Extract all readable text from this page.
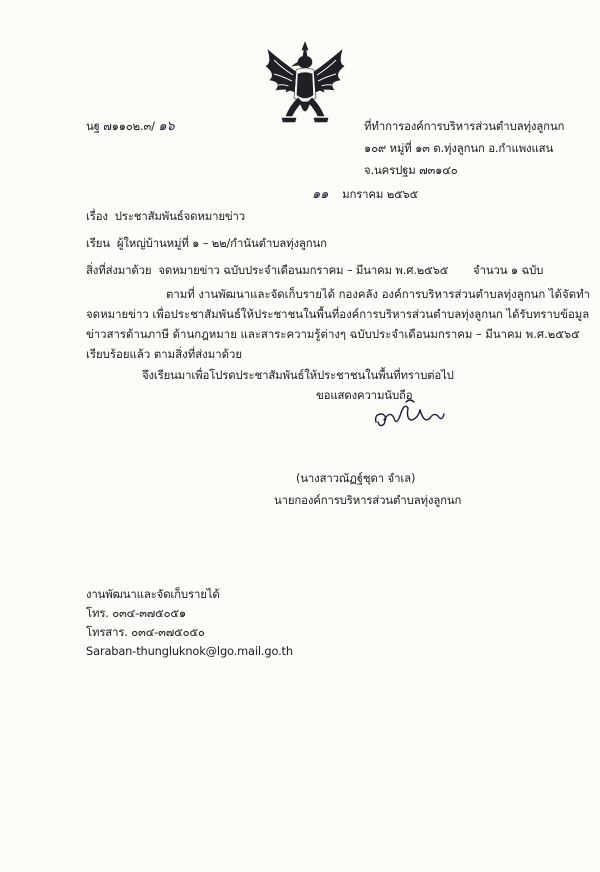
นฐ ๗๑๑๐๒.๓/ ๑๖	ที่ทำการองค์การบริหารส่วนตำบลทุ่งลูกนก
๑๐๙ หมู่ที่ ๑๓ ต.ทุ่งลูกนก อ.กำแพงแสน
จ.นครปฐม ๗๓๑๔๐
๑๑ มกราคม ๒๕๖๕
เรื่อง ประชาสัมพันธ์จดหมายข่าว
เรียน ผู้ใหญ่บ้านหมู่ที่ ๑ – ๒๒/กำนันตำบลทุ่งลูกนก
สิ่งที่ส่งมาด้วย จดหมายข่าว ฉบับประจำเดือนมกราคม – มีนาคม พ.ศ.๒๕๖๕ จำนวน ๑ ฉบับ
ตามที่ งานพัฒนาและจัดเก็บรายได้ กองคลัง องค์การบริหารส่วนตำบลทุ่งลูกนก ได้จัดทำ
จดหมายข่าว เพื่อประชาสัมพันธ์ให้ประชาชนในพื้นที่องค์การบริหารส่วนตำบลทุ่งลูกนก ได้รับทราบข้อมูล
ข่าวสารด้านภาษี ด้านกฎหมาย และสาระความรู้ต่างๆ ฉบับประจำเดือนมกราคม – มีนาคม พ.ศ.๒๕๖๕
เรียบร้อยแล้ว ตามสิ่งที่ส่งมาด้วย
จึงเรียนมาเพื่อโปรดประชาสัมพันธ์ให้ประชาชนในพื้นที่ทราบต่อไป
ขอแสดงความนับถือ
(นางสาวณัฏฐ์ชุดา จำเล)
นายกองค์การบริหารส่วนตำบลทุ่งลูกนก
งานพัฒนาและจัดเก็บรายได้
โทร. ๐๓๔-๓๗๕๐๕๑
โทรสาร. ๐๓๔-๓๗๕๐๕๐
Saraban-thungluknok@lgo.mail.go.th
